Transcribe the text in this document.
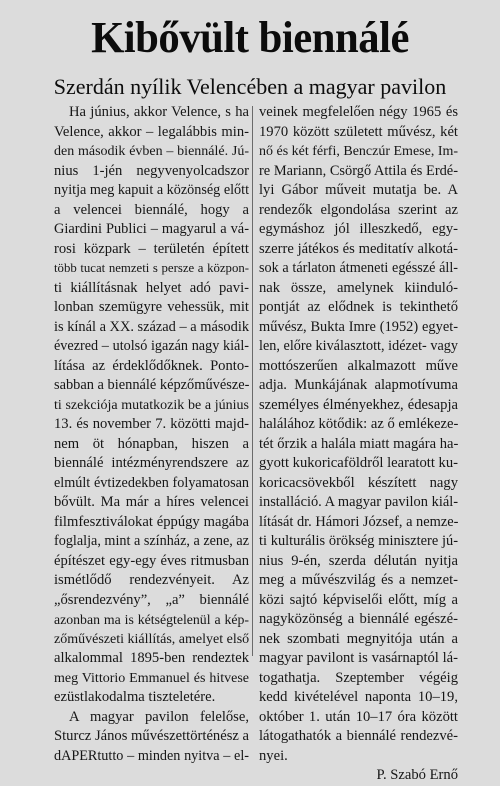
Kibővült biennálé
Szerdán nyílik Velencében a magyar pavilon
Ha június, akkor Velence, s ha
Velence, akkor – legalábbis min-
den második évben – biennálé. Jú-
nius 1-jén negyvenyolcadszor
nyitja meg kapuit a közönség előtt
a velencei biennálé, hogy a
Giardini Publici – magyarul a vá-
rosi közpark – területén épített
több tucat nemzeti s persze a közpon-
ti kiállításnak helyet adó pavi-
lonban szemügyre vehessük, mit
is kínál a XX. század – a második
évezred – utolsó igazán nagy kiál-
lítása az érdeklődőknek. Ponto-
sabban a biennálé képzőművésze-
ti szekciója mutatkozik be a június
13. és november 7. közötti majd-
nem öt hónapban, hiszen a
biennálé intézményrendszere az
elmúlt évtizedekben folyamatosan
bővült. Ma már a híres velencei
filmfesztiválokat éppúgy magába
foglalja, mint a színház, a zene, az
építészet egy-egy éves ritmusban
ismétlődő rendezvényeit. Az
„ősrendezvény”, „a” biennálé
azonban ma is kétségtelenül a kép-
zőművészeti kiállítás, amelyet első
alkalommal 1895-ben rendeztek
meg Vittorio Emmanuel és hitvese
ezüstlakodalma tiszteletére.
A magyar pavilon felelőse,
Sturcz János művészettörténész a
dAPERtutto – minden nyitva – el-
veinek megfelelően négy 1965 és
1970 között született művész, két
nő és két férfi, Benczúr Emese, Im-
re Mariann, Csörgő Attila és Erdé-
lyi Gábor műveit mutatja be. A
rendezők elgondolása szerint az
egymáshoz jól illeszkedő, egy-
szerre játékos és meditatív alkotá-
sok a tárlaton átmeneti egésszé áll-
nak össze, amelynek kiinduló-
pontját az elődnek is tekinthető
művész, Bukta Imre (1952) egyet-
len, előre kiválasztott, idézet- vagy
mottószerűen alkalmazott műve
adja. Munkájának alapmotívuma
személyes élményekhez, édesapja
halálához kötődik: az ő emlékeze-
tét őrzik a halála miatt magára ha-
gyott kukoricaföldről learatott ku-
koricacsövekből készített nagy
installáció. A magyar pavilon kiál-
lítását dr. Hámori József, a nemze-
ti kulturális örökség minisztere jú-
nius 9-én, szerda délután nyitja
meg a művészvilág és a nemzet-
közi sajtó képviselői előtt, míg a
nagyközönség a biennálé egészé-
nek szombati megnyitója után a
magyar pavilont is vasárnaptól lá-
togathatja. Szeptember végéig
kedd kivételével naponta 10–19,
október 1. után 10–17 óra között
látogathatók a biennálé rendezvé-
nyei.
P. Szabó Ernő
